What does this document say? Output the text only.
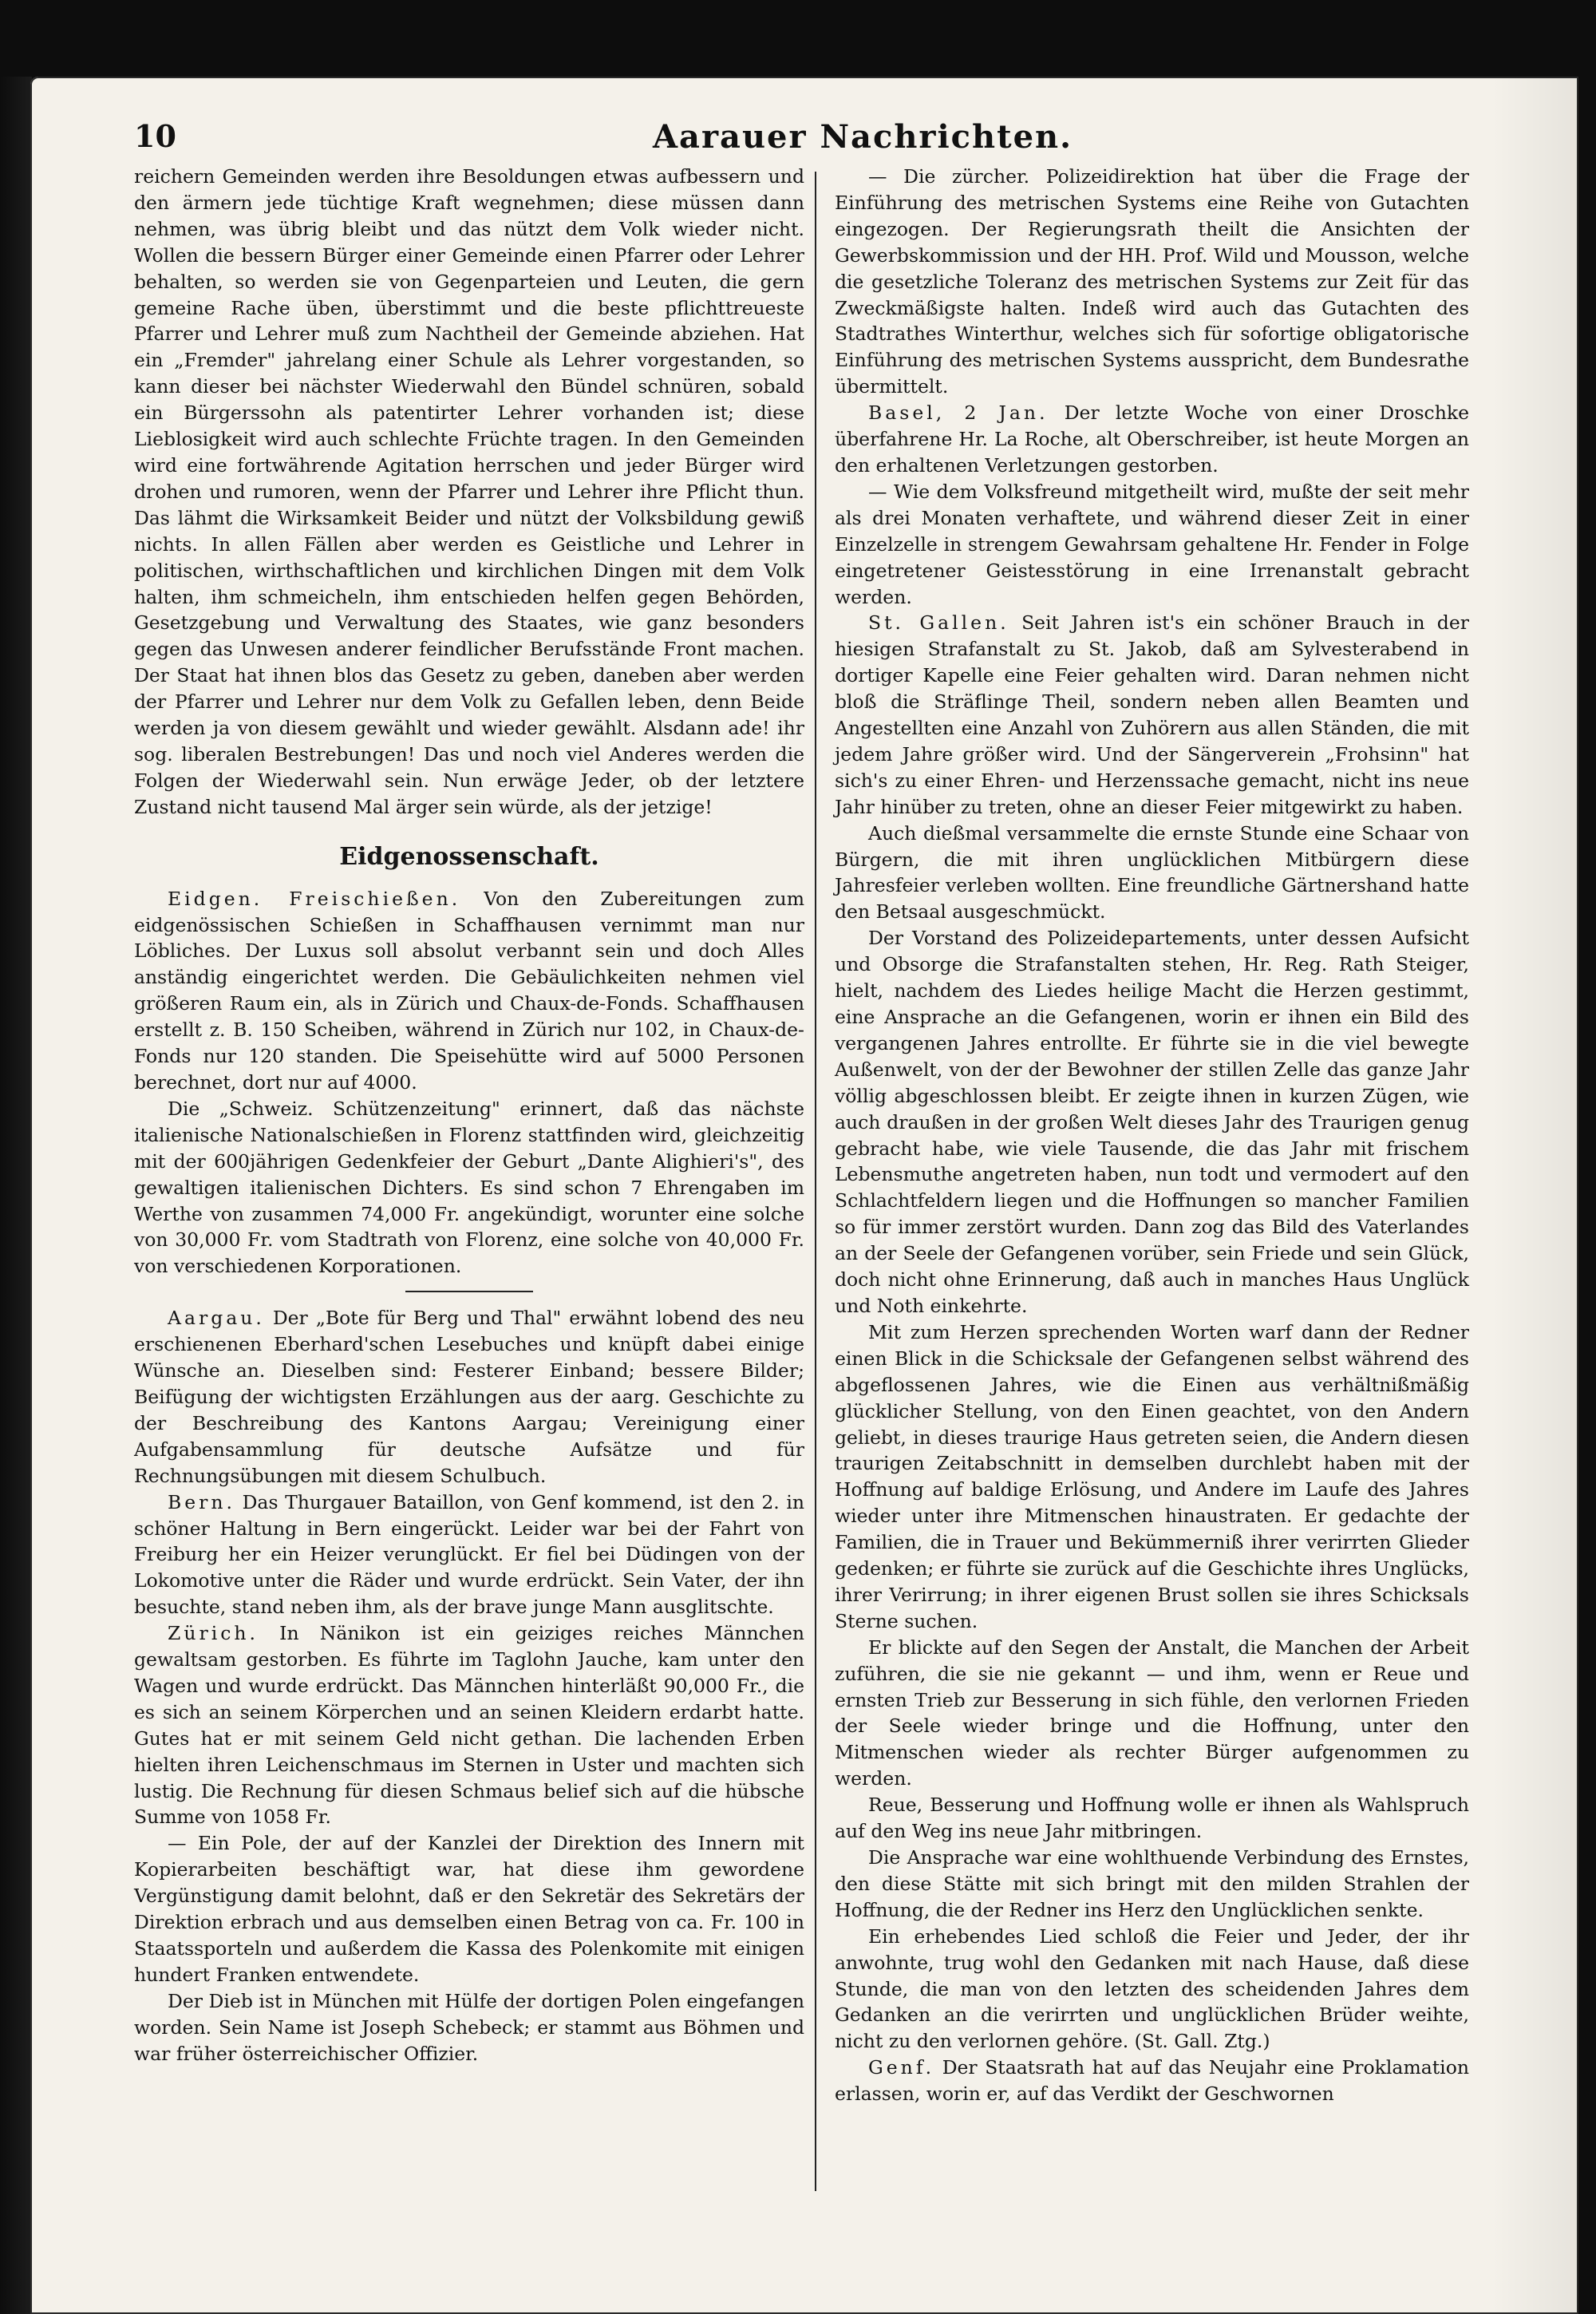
10	Aarauer Nachrichten.

reichern Gemeinden werden ihre Besoldungen etwas aufbessern und den ärmern jede tüchtige Kraft wegnehmen; diese müssen dann nehmen, was übrig bleibt und das nützt dem Volk wieder nicht. Wollen die bessern Bürger einer Gemeinde einen Pfarrer oder Lehrer behalten, so werden sie von Gegenparteien und Leuten, die gern gemeine Rache üben, überstimmt und die beste pflichttreueste Pfarrer und Lehrer muß zum Nachtheil der Gemeinde abziehen. Hat ein „Fremder" jahrelang einer Schule als Lehrer vorgestanden, so kann dieser bei nächster Wiederwahl den Bündel schnüren, sobald ein Bürgerssohn als patentirter Lehrer vorhanden ist; diese Lieblosigkeit wird auch schlechte Früchte tragen. In den Gemeinden wird eine fortwährende Agitation herrschen und jeder Bürger wird drohen und rumoren, wenn der Pfarrer und Lehrer ihre Pflicht thun. Das lähmt die Wirksamkeit Beider und nützt der Volksbildung gewiß nichts. In allen Fällen aber werden es Geistliche und Lehrer in politischen, wirthschaftlichen und kirchlichen Dingen mit dem Volk halten, ihm schmeicheln, ihm entschieden helfen gegen Behörden, Gesetzgebung und Verwaltung des Staates, wie ganz besonders gegen das Unwesen anderer feindlicher Berufsstände Front machen. Der Staat hat ihnen blos das Gesetz zu geben, daneben aber werden der Pfarrer und Lehrer nur dem Volk zu Gefallen leben, denn Beide werden ja von diesem gewählt und wieder gewählt. Alsdann ade! ihr sog. liberalen Bestrebungen! Das und noch viel Anderes werden die Folgen der Wiederwahl sein. Nun erwäge Jeder, ob der letztere Zustand nicht tausend Mal ärger sein würde, als der jetzige!

Eidgenossenschaft.

Eidgen. Freischießen. Von den Zubereitungen zum eidgenössischen Schießen in Schaffhausen vernimmt man nur Löbliches. Der Luxus soll absolut verbannt sein und doch Alles anständig eingerichtet werden. Die Gebäulichkeiten nehmen viel größeren Raum ein, als in Zürich und Chaux-de-Fonds. Schaffhausen erstellt z. B. 150 Scheiben, während in Zürich nur 102, in Chaux-de-Fonds nur 120 standen. Die Speisehütte wird auf 5000 Personen berechnet, dort nur auf 4000.

Die „Schweiz. Schützenzeitung" erinnert, daß das nächste italienische Nationalschießen in Florenz stattfinden wird, gleichzeitig mit der 600jährigen Gedenkfeier der Geburt „Dante Alighieri's", des gewaltigen italienischen Dichters. Es sind schon 7 Ehrengaben im Werthe von zusammen 74,000 Fr. angekündigt, worunter eine solche von 30,000 Fr. vom Stadtrath von Florenz, eine solche von 40,000 Fr. von verschiedenen Korporationen.

Aargau. Der „Bote für Berg und Thal" erwähnt lobend des neu erschienenen Eberhard'schen Lesebuches und knüpft dabei einige Wünsche an. Dieselben sind: Festerer Einband; bessere Bilder; Beifügung der wichtigsten Erzählungen aus der aarg. Geschichte zu der Beschreibung des Kantons Aargau; Vereinigung einer Aufgabensammlung für deutsche Aufsätze und für Rechnungsübungen mit diesem Schulbuch.

Bern. Das Thurgauer Bataillon, von Genf kommend, ist den 2. in schöner Haltung in Bern eingerückt. Leider war bei der Fahrt von Freiburg her ein Heizer verunglückt. Er fiel bei Düdingen von der Lokomotive unter die Räder und wurde erdrückt. Sein Vater, der ihn besuchte, stand neben ihm, als der brave junge Mann ausglitschte.

Zürich. In Nänikon ist ein geiziges reiches Männchen gewaltsam gestorben. Es führte im Taglohn Jauche, kam unter den Wagen und wurde erdrückt. Das Männchen hinterläßt 90,000 Fr., die es sich an seinem Körperchen und an seinen Kleidern erdarbt hatte. Gutes hat er mit seinem Geld nicht gethan. Die lachenden Erben hielten ihren Leichenschmaus im Sternen in Uster und machten sich lustig. Die Rechnung für diesen Schmaus belief sich auf die hübsche Summe von 1058 Fr.

— Ein Pole, der auf der Kanzlei der Direktion des Innern mit Kopierarbeiten beschäftigt war, hat diese ihm gewordene Vergünstigung damit belohnt, daß er den Sekretär des Sekretärs der Direktion erbrach und aus demselben einen Betrag von ca. Fr. 100 in Staatssporteln und außerdem die Kassa des Polenkomite mit einigen hundert Franken entwendete.

Der Dieb ist in München mit Hülfe der dortigen Polen eingefangen worden. Sein Name ist Joseph Schebeck; er stammt aus Böhmen und war früher österreichischer Offizier.

— Die zürcher. Polizeidirektion hat über die Frage der Einführung des metrischen Systems eine Reihe von Gutachten eingezogen. Der Regierungsrath theilt die Ansichten der Gewerbskommission und der HH. Prof. Wild und Mousson, welche die gesetzliche Toleranz des metrischen Systems zur Zeit für das Zweckmäßigste halten. Indeß wird auch das Gutachten des Stadtrathes Winterthur, welches sich für sofortige obligatorische Einführung des metrischen Systems ausspricht, dem Bundesrathe übermittelt.

Basel, 2 Jan. Der letzte Woche von einer Droschke überfahrene Hr. La Roche, alt Oberschreiber, ist heute Morgen an den erhaltenen Verletzungen gestorben.

— Wie dem Volksfreund mitgetheilt wird, mußte der seit mehr als drei Monaten verhaftete, und während dieser Zeit in einer Einzelzelle in strengem Gewahrsam gehaltene Hr. Fender in Folge eingetretener Geistesstörung in eine Irrenanstalt gebracht werden.

St. Gallen. Seit Jahren ist's ein schöner Brauch in der hiesigen Strafanstalt zu St. Jakob, daß am Sylvesterabend in dortiger Kapelle eine Feier gehalten wird. Daran nehmen nicht bloß die Sträflinge Theil, sondern neben allen Beamten und Angestellten eine Anzahl von Zuhörern aus allen Ständen, die mit jedem Jahre größer wird. Und der Sängerverein „Frohsinn" hat sich's zu einer Ehren- und Herzenssache gemacht, nicht ins neue Jahr hinüber zu treten, ohne an dieser Feier mitgewirkt zu haben.

Auch dießmal versammelte die ernste Stunde eine Schaar von Bürgern, die mit ihren unglücklichen Mitbürgern diese Jahresfeier verleben wollten. Eine freundliche Gärtnershand hatte den Betsaal ausgeschmückt.

Der Vorstand des Polizeidepartements, unter dessen Aufsicht und Obsorge die Strafanstalten stehen, Hr. Reg. Rath Steiger, hielt, nachdem des Liedes heilige Macht die Herzen gestimmt, eine Ansprache an die Gefangenen, worin er ihnen ein Bild des vergangenen Jahres entrollte. Er führte sie in die viel bewegte Außenwelt, von der der Bewohner der stillen Zelle das ganze Jahr völlig abgeschlossen bleibt. Er zeigte ihnen in kurzen Zügen, wie auch draußen in der großen Welt dieses Jahr des Traurigen genug gebracht habe, wie viele Tausende, die das Jahr mit frischem Lebensmuthe angetreten haben, nun todt und vermodert auf den Schlachtfeldern liegen und die Hoffnungen so mancher Familien so für immer zerstört wurden. Dann zog das Bild des Vaterlandes an der Seele der Gefangenen vorüber, sein Friede und sein Glück, doch nicht ohne Erinnerung, daß auch in manches Haus Unglück und Noth einkehrte.

Mit zum Herzen sprechenden Worten warf dann der Redner einen Blick in die Schicksale der Gefangenen selbst während des abgeflossenen Jahres, wie die Einen aus verhältnißmäßig glücklicher Stellung, von den Einen geachtet, von den Andern geliebt, in dieses traurige Haus getreten seien, die Andern diesen traurigen Zeitabschnitt in demselben durchlebt haben mit der Hoffnung auf baldige Erlösung, und Andere im Laufe des Jahres wieder unter ihre Mitmenschen hinaustraten. Er gedachte der Familien, die in Trauer und Bekümmerniß ihrer verirrten Glieder gedenken; er führte sie zurück auf die Geschichte ihres Unglücks, ihrer Verirrung; in ihrer eigenen Brust sollen sie ihres Schicksals Sterne suchen.

Er blickte auf den Segen der Anstalt, die Manchen der Arbeit zuführen, die sie nie gekannt — und ihm, wenn er Reue und ernsten Trieb zur Besserung in sich fühle, den verlornen Frieden der Seele wieder bringe und die Hoffnung, unter den Mitmenschen wieder als rechter Bürger aufgenommen zu werden.

Reue, Besserung und Hoffnung wolle er ihnen als Wahlspruch auf den Weg ins neue Jahr mitbringen.

Die Ansprache war eine wohlthuende Verbindung des Ernstes, den diese Stätte mit sich bringt mit den milden Strahlen der Hoffnung, die der Redner ins Herz den Unglücklichen senkte.

Ein erhebendes Lied schloß die Feier und Jeder, der ihr anwohnte, trug wohl den Gedanken mit nach Hause, daß diese Stunde, die man von den letzten des scheidenden Jahres dem Gedanken an die verirrten und unglücklichen Brüder weihte, nicht zu den verlornen gehöre. (St. Gall. Ztg.)

Genf. Der Staatsrath hat auf das Neujahr eine Proklamation erlassen, worin er, auf das Verdikt der Geschwornen
